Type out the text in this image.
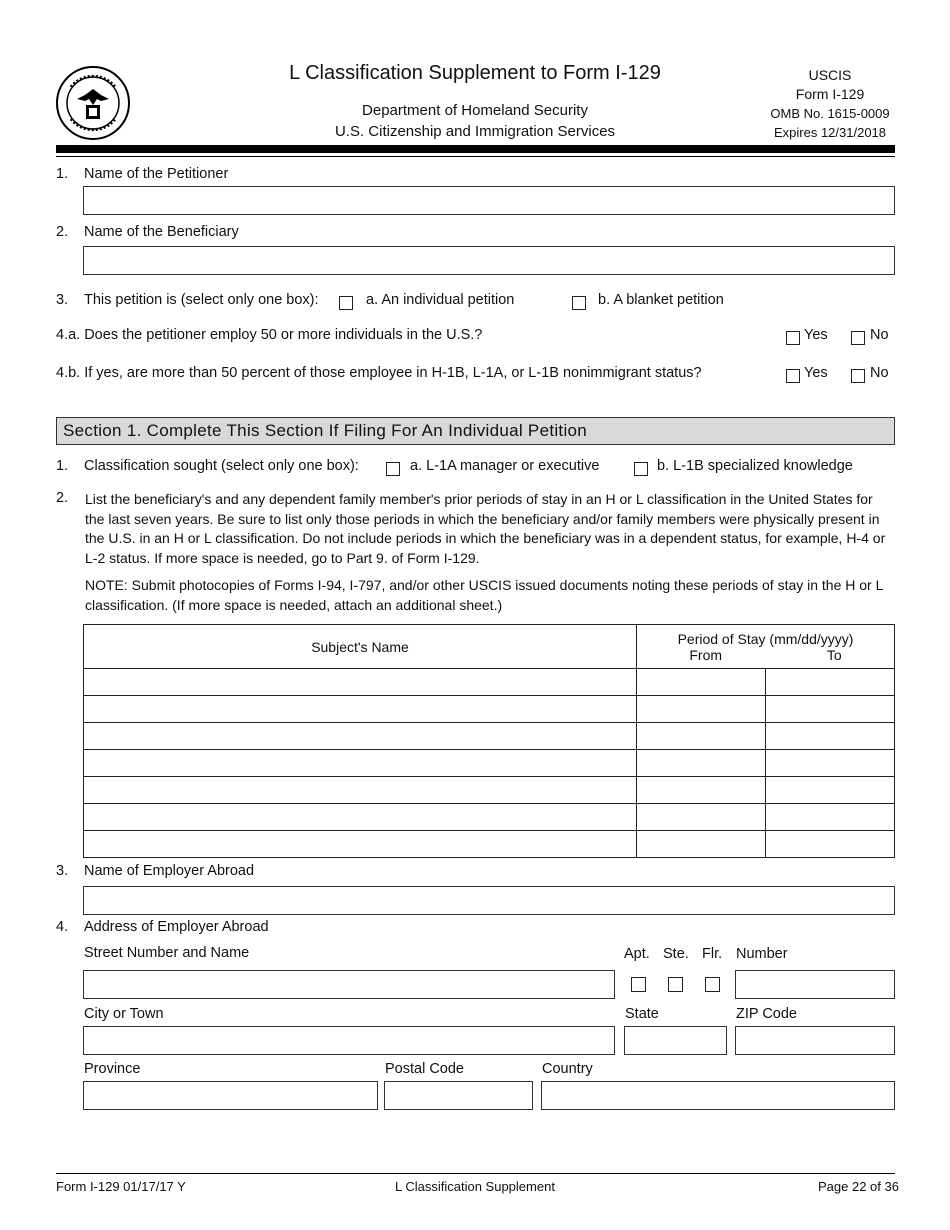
L Classification Supplement to Form I-129
Department of Homeland Security
U.S. Citizenship and Immigration Services
USCIS
Form I-129
OMB No. 1615-0009
Expires 12/31/2018
1. Name of the Petitioner
2. Name of the Beneficiary
3. This petition is (select only one box):	a. An individual petition	b. A blanket petition
4.a. Does the petitioner employ 50 or more individuals in the U.S.?	Yes	No
4.b. If yes, are more than 50 percent of those employee in H-1B, L-1A, or L-1B nonimmigrant status?	Yes	No
Section 1. Complete This Section If Filing For An Individual Petition
1. Classification sought (select only one box):	a. L-1A manager or executive	b. L-1B specialized knowledge
2. List the beneficiary's and any dependent family member's prior periods of stay in an H or L classification in the United States for the last seven years. Be sure to list only those periods in which the beneficiary and/or family members were physically present in the U.S. in an H or L classification. Do not include periods in which the beneficiary was in a dependent status, for example, H-4 or L-2 status. If more space is needed, go to Part 9. of Form I-129.
NOTE: Submit photocopies of Forms I-94, I-797, and/or other USCIS issued documents noting these periods of stay in the H or L classification. (If more space is needed, attach an additional sheet.)
Subject's Name	Period of Stay (mm/dd/yyyy)
From To	

3. Name of Employer Abroad
4. Address of Employer Abroad
Street Number and Name	Apt. Ste. Flr. Number
City or Town	State	ZIP Code
Province	Postal Code	Country
Form I-129 01/17/17 Y	L Classification Supplement	Page 22 of 36
